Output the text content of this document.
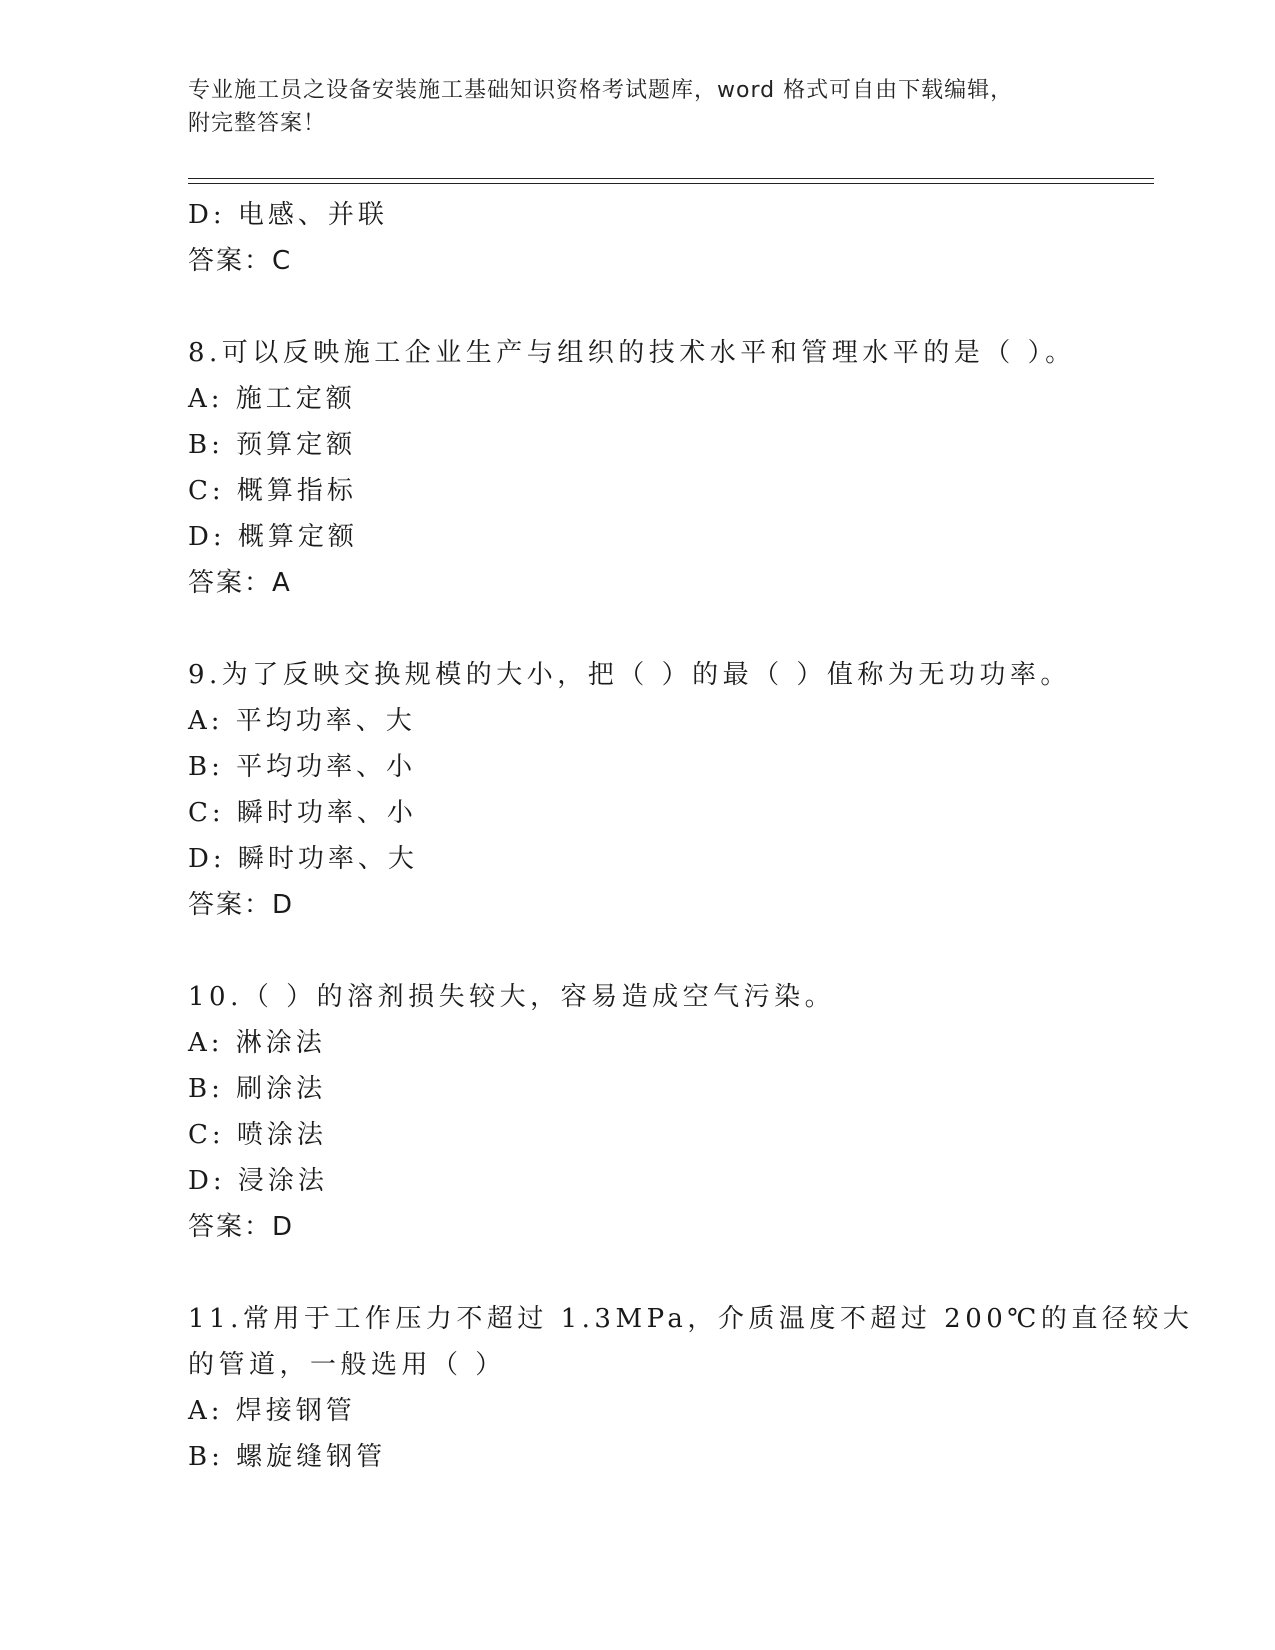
专业施工员之设备安装施工基础知识资格考试题库，word 格式可自由下载编辑，
附完整答案！
D: 电感、并联
答案：C
8.可以反映施工企业生产与组织的技术水平和管理水平的是（ ）。
A: 施工定额
B: 预算定额
C: 概算指标
D: 概算定额
答案：A
9.为了反映交换规模的大小，把（ ）的最（ ）值称为无功功率。
A: 平均功率、大
B: 平均功率、小
C: 瞬时功率、小
D: 瞬时功率、大
答案：D
10.（ ）的溶剂损失较大，容易造成空气污染。
A: 淋涂法
B: 刷涂法
C: 喷涂法
D: 浸涂法
答案：D
11.常用于工作压力不超过 1.3MPa，介质温度不超过 200℃的直径较大
的管道，一般选用（ ）
A: 焊接钢管
B: 螺旋缝钢管
